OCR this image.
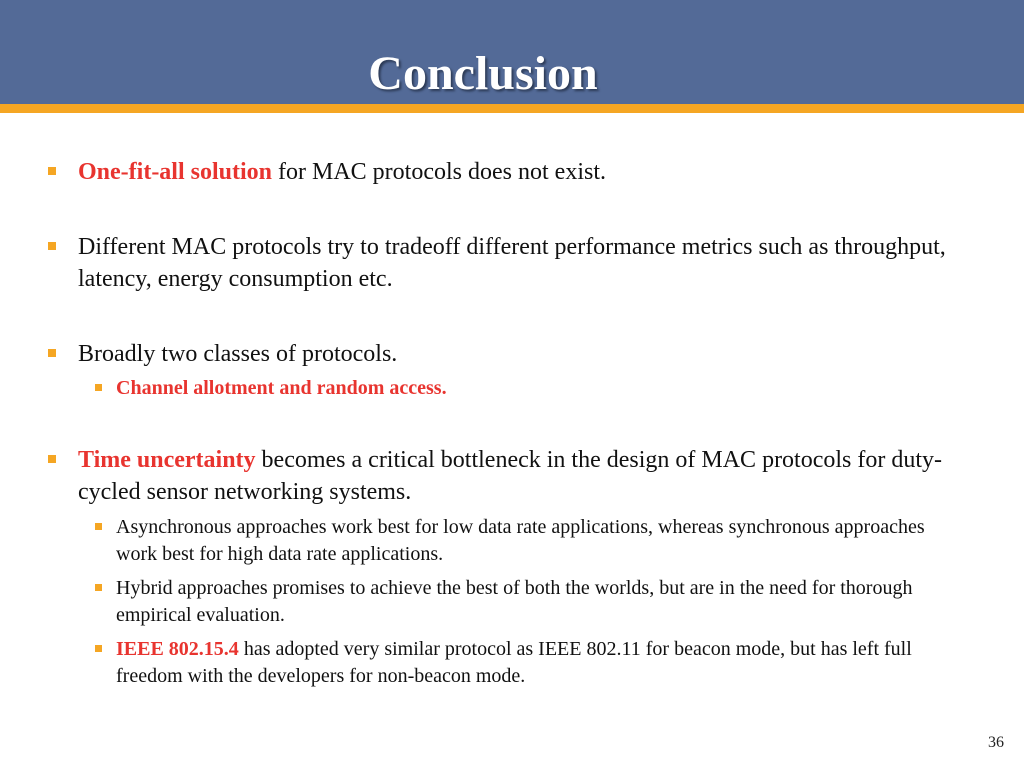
Conclusion
One-fit-all solution for MAC protocols does not exist.
Different MAC protocols try to tradeoff different performance metrics such as throughput, latency, energy consumption etc.
Broadly two classes of protocols.
Channel allotment and random access.
Time uncertainty becomes a critical bottleneck in the design of MAC protocols for duty-cycled sensor networking systems.
Asynchronous approaches work best for low data rate applications, whereas synchronous approaches work best for high data rate applications.
Hybrid approaches promises to achieve the best of both the worlds, but are in the need for thorough empirical evaluation.
IEEE 802.15.4 has adopted very similar protocol as IEEE 802.11 for beacon mode, but has left full freedom with the developers for non-beacon mode.
36
